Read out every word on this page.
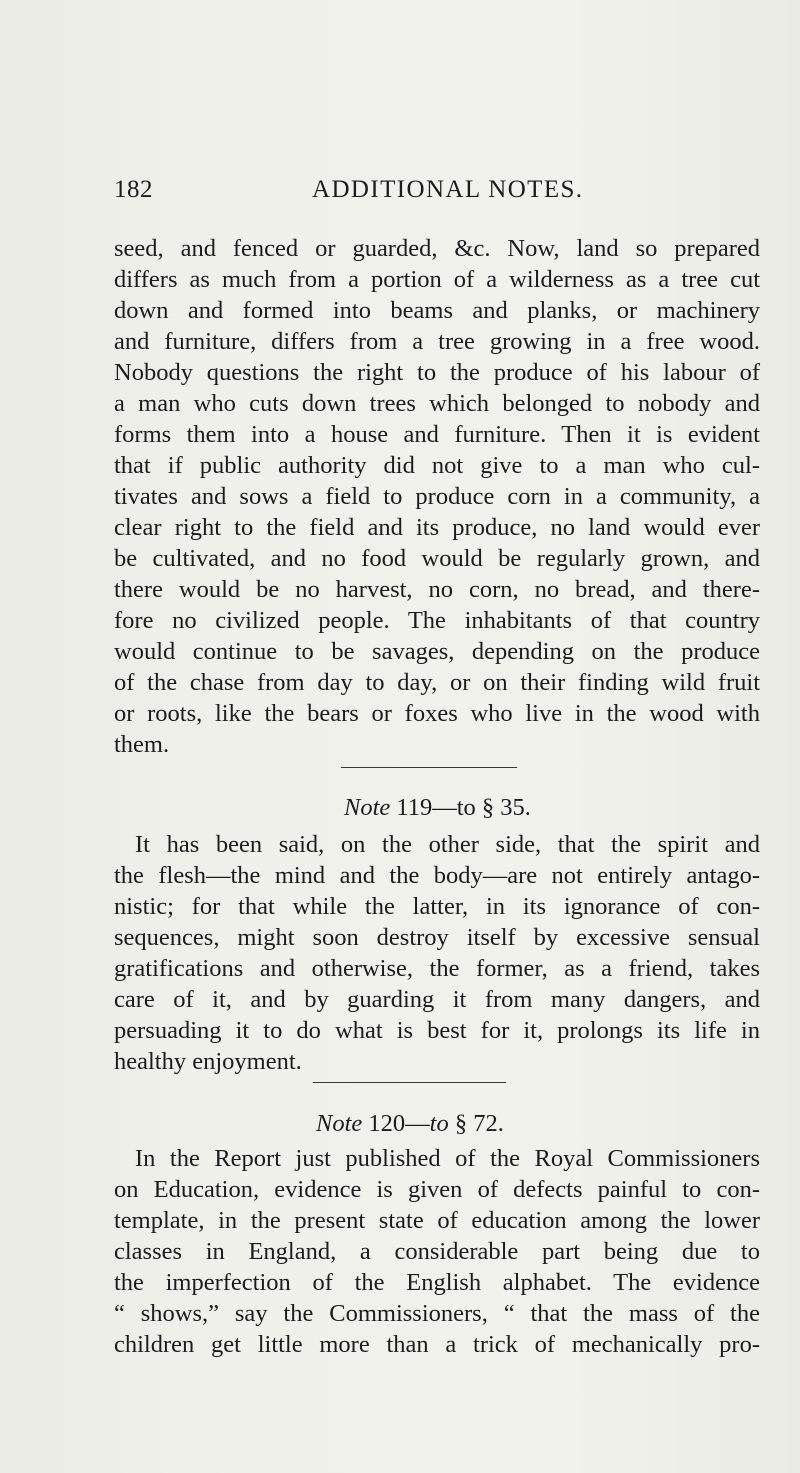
182	ADDITIONAL NOTES.
seed, and fenced or guarded, &c. Now, land so prepared
differs as much from a portion of a wilderness as a tree cut
down and formed into beams and planks, or machinery
and furniture, differs from a tree growing in a free wood.
Nobody questions the right to the produce of his labour of
a man who cuts down trees which belonged to nobody and
forms them into a house and furniture. Then it is evident
that if public authority did not give to a man who cul-
tivates and sows a field to produce corn in a community, a
clear right to the field and its produce, no land would ever
be cultivated, and no food would be regularly grown, and
there would be no harvest, no corn, no bread, and there-
fore no civilized people. The inhabitants of that country
would continue to be savages, depending on the produce
of the chase from day to day, or on their finding wild fruit
or roots, like the bears or foxes who live in the wood with
them.
Note 119—to § 35.
It has been said, on the other side, that the spirit and
the flesh—the mind and the body—are not entirely antago-
nistic; for that while the latter, in its ignorance of con-
sequences, might soon destroy itself by excessive sensual
gratifications and otherwise, the former, as a friend, takes
care of it, and by guarding it from many dangers, and
persuading it to do what is best for it, prolongs its life in
healthy enjoyment.
Note 120—to § 72.
In the Report just published of the Royal Commissioners
on Education, evidence is given of defects painful to con-
template, in the present state of education among the lower
classes in England, a considerable part being due to
the imperfection of the English alphabet. The evidence
“ shows,” say the Commissioners, “ that the mass of the
children get little more than a trick of mechanically pro-
